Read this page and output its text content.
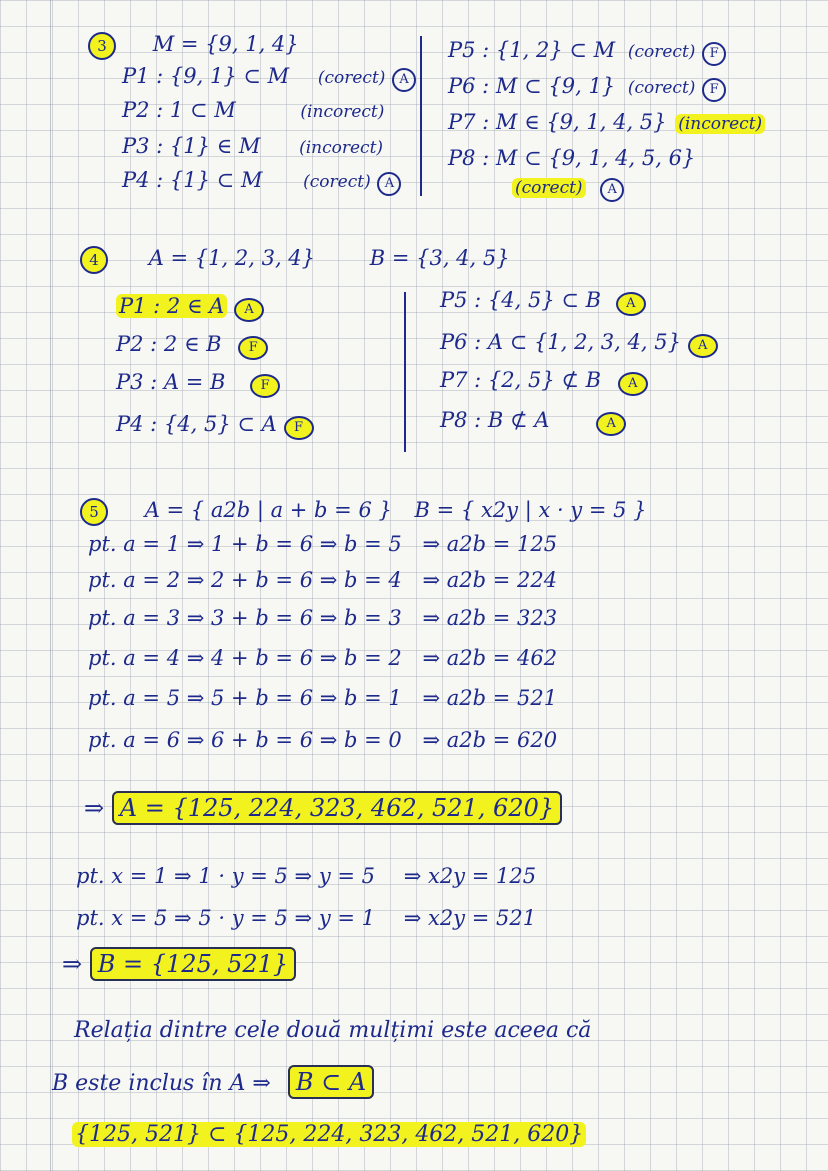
3 M = {9, 1, 4}
P1 : {9, 1} ⊂ M (corect) A
P2 : 1 ⊂ M	(incorect)
P3 : {1} ∈ M (incorect)
P4 : {1} ⊂ M (corect) A
P5 : {1, 2} ⊂ M (corect) F
P6 : M ⊂ {9, 1} (corect) F
P7 : M ∈ {9, 1, 4, 5} (incorect)
P8 : M ⊂ {9, 1, 4, 5, 6}
(corect) A
4 A = {1, 2, 3, 4}	B = {3, 4, 5}
P1 : 2 ∈ A A
P2 : 2 ∈ B F
P3 : A = B	F
P4 : {4, 5} ⊂ A F
P5 : {4, 5} ⊂ B A
P6 : A ⊂ {1, 2, 3, 4, 5} A
P7 : {2, 5} ⊄ B A
P8 : B ⊄ A	A
5 A = { a2b | a + b = 6 } B = { x2y | x · y = 5 }
pt. a = 1 ⇒ 1 + b = 6 ⇒ b = 5 ⇒ a2b = 125
pt. a = 2 ⇒ 2 + b = 6 ⇒ b = 4 ⇒ a2b = 224
pt. a = 3 ⇒ 3 + b = 6 ⇒ b = 3 ⇒ a2b = 323
pt. a = 4 ⇒ 4 + b = 6 ⇒ b = 2 ⇒ a2b = 462
pt. a = 5 ⇒ 5 + b = 6 ⇒ b = 1 ⇒ a2b = 521
pt. a = 6 ⇒ 6 + b = 6 ⇒ b = 0 ⇒ a2b = 620
⇒ A = {125, 224, 323, 462, 521, 620}
pt. x = 1 ⇒ 1 · y = 5 ⇒ y = 5 ⇒ x2y = 125
pt. x = 5 ⇒ 5 · y = 5 ⇒ y = 1 ⇒ x2y = 521
⇒ B = {125, 521}
Relația dintre cele două mulțimi este aceea că
B este inclus în A ⇒ B ⊂ A
{125, 521} ⊂ {125, 224, 323, 462, 521, 620}
